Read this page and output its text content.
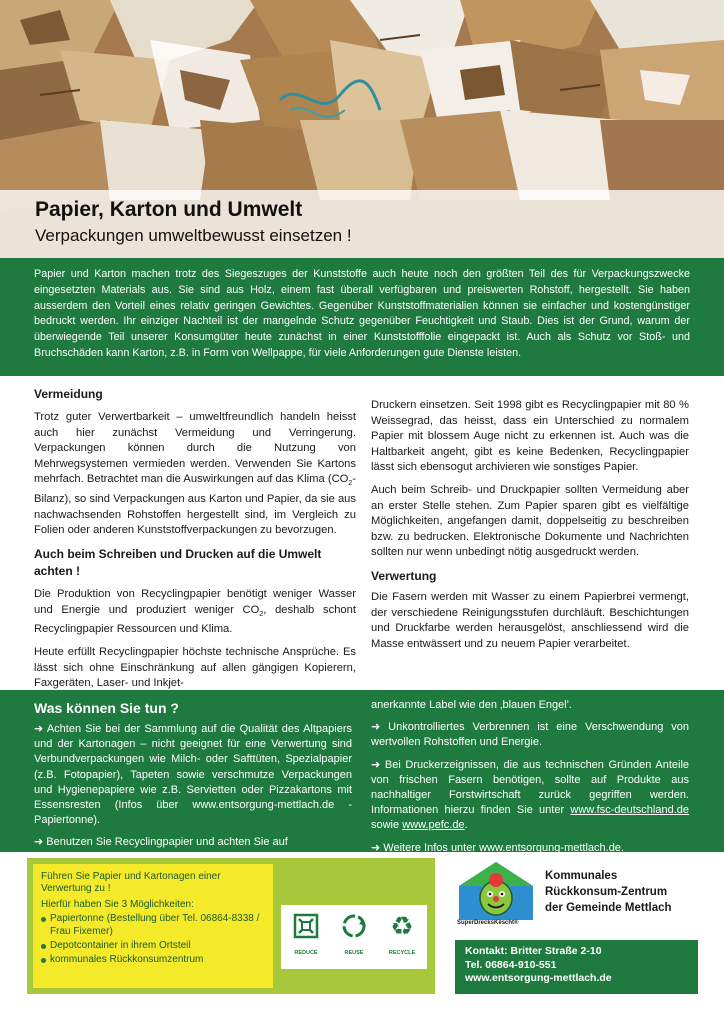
Papier, Karton und Umwelt
Verpackungen umweltbewusst einsetzen !

Papier und Karton machen trotz des Siegeszuges der Kunststoffe auch heute noch den größten Teil des für Verpackungszwecke eingesetzten Materials aus. Sie sind aus Holz, einem fast überall verfügbaren und preiswerten Rohstoff, hergestellt. Sie haben ausserdem den Vorteil eines relativ geringen Gewichtes. Gegenüber Kunststoffmaterialien können sie einfacher und kostengünstiger bedruckt werden. Ihr einziger Nachteil ist der mangelnde Schutz gegenüber Feuchtigkeit und Staub. Dies ist der Grund, warum der überwiegende Teil unserer Konsumgüter heute zunächst in einer Kunststofffolie eingepackt ist. Auch als Schutz vor Stoß- und Bruchschäden kann Karton, z.B. in Form von Wellpappe, für viele Anforderungen gute Dienste leisten.

Vermeidung

Trotz guter Verwertbarkeit – umweltfreundlich handeln heisst auch hier zunächst Vermeidung und Verringerung. Verpackungen können durch die Nutzung von Mehrwegsystemen vermieden werden. Verwenden Sie Kartons mehrfach. Betrachtet man die Auswirkungen auf das Klima $(CO_2-Bilanz)$, so sind Verpackungen aus Karton und Papier, da sie aus nachwachsenden Rohstoffen hergestellt sind, im Vergleich zu Folien oder anderen Kunststoffverpackungen zu bevorzugen.

Auch beim Schreiben und Drucken auf die Umwelt achten !

Die Produktion von Recyclingpapier benötigt weniger Wasser und Energie und produziert weniger $CO_2$, deshalb schont Recyclingpapier Ressourcen und Klima.

Heute erfüllt Recyclingpapier höchste technische Ansprüche. Es lässt sich ohne Einschränkung auf allen gängigen Kopierern, Faxgeräten, Laser- und Inkjet-

Druckern einsetzen. Seit 1998 gibt es Recyclingpapier mit 80 % Weissegrad, das heisst, dass ein Unterschied zu normalem Papier mit blossem Auge nicht zu erkennen ist. Auch was die Haltbarkeit angeht, gibt es keine Bedenken, Recyclingpapier lässt sich ebensogut archivieren wie sonstiges Papier.

Auch beim Schreib- und Druckpapier sollten Vermeidung aber an erster Stelle stehen. Zum Papier sparen gibt es vielfältige Möglichkeiten, angefangen damit, doppelseitig zu beschreiben bzw. zu bedrucken. Elektronische Dokumente und Nachrichten sollten nur wenn unbedingt nötig ausgedruckt werden.

Verwertung

Die Fasern werden mit Wasser zu einem Papierbrei vermengt, der verschiedene Reinigungsstufen durchläuft. Beschichtungen und Druckfarbe werden herausgelöst, anschliessend wird die Masse entwässert und zu neuem Papier verarbeitet.

Was können Sie tun ?

➜ Achten Sie bei der Sammlung auf die Qualität des Altpapiers und der Kartonagen – nicht geeignet für eine Verwertung sind Verbundverpackungen wie Milch- oder Safttüten, Spezialpapier (z.B. Fotopapier), Tapeten sowie verschmutze Verpackungen und Hygienepapiere wie z.B. Servietten oder Pizzakartons mit Essensresten (Infos über www.entsorgung-mettlach.de - Papiertonne).

➜ Benutzen Sie Recyclingpapier und achten Sie auf

anerkannte Label wie den ‚blauen Engel'.

➜ Unkontrolliertes Verbrennen ist eine Verschwendung von wertvollen Rohstoffen und Energie.

➜ Bei Druckerzeignissen, die aus technischen Gründen Anteile von frischen Fasern benötigen, sollte auf Produkte aus nachhaltiger Forstwirtschaft zurück gegriffen werden. Informationen hierzu finden Sie unter www.fsc-deutschland.de sowie www.pefc.de.

➜ Weitere Infos unter www.entsorgung-mettlach.de.

Führen Sie Papier und Kartonagen einer Verwertung zu !
Hierfür haben Sie 3 Möglichkeiten:
Papiertonne (Bestellung über Tel. 06864-8338 / Frau Fixemer)
Depotcontainer in ihrem Ortsteil
kommunales Rückkonsumzentrum
REDUCE	REUSE
♻
RECYCLE
SuperDrecksKëscht®
Kommunales
Rückkonsum-Zentrum
der Gemeinde Mettlach
Kontakt: Britter Straße 2-10
Tel. 06864-910-551
www.entsorgung-mettlach.de
